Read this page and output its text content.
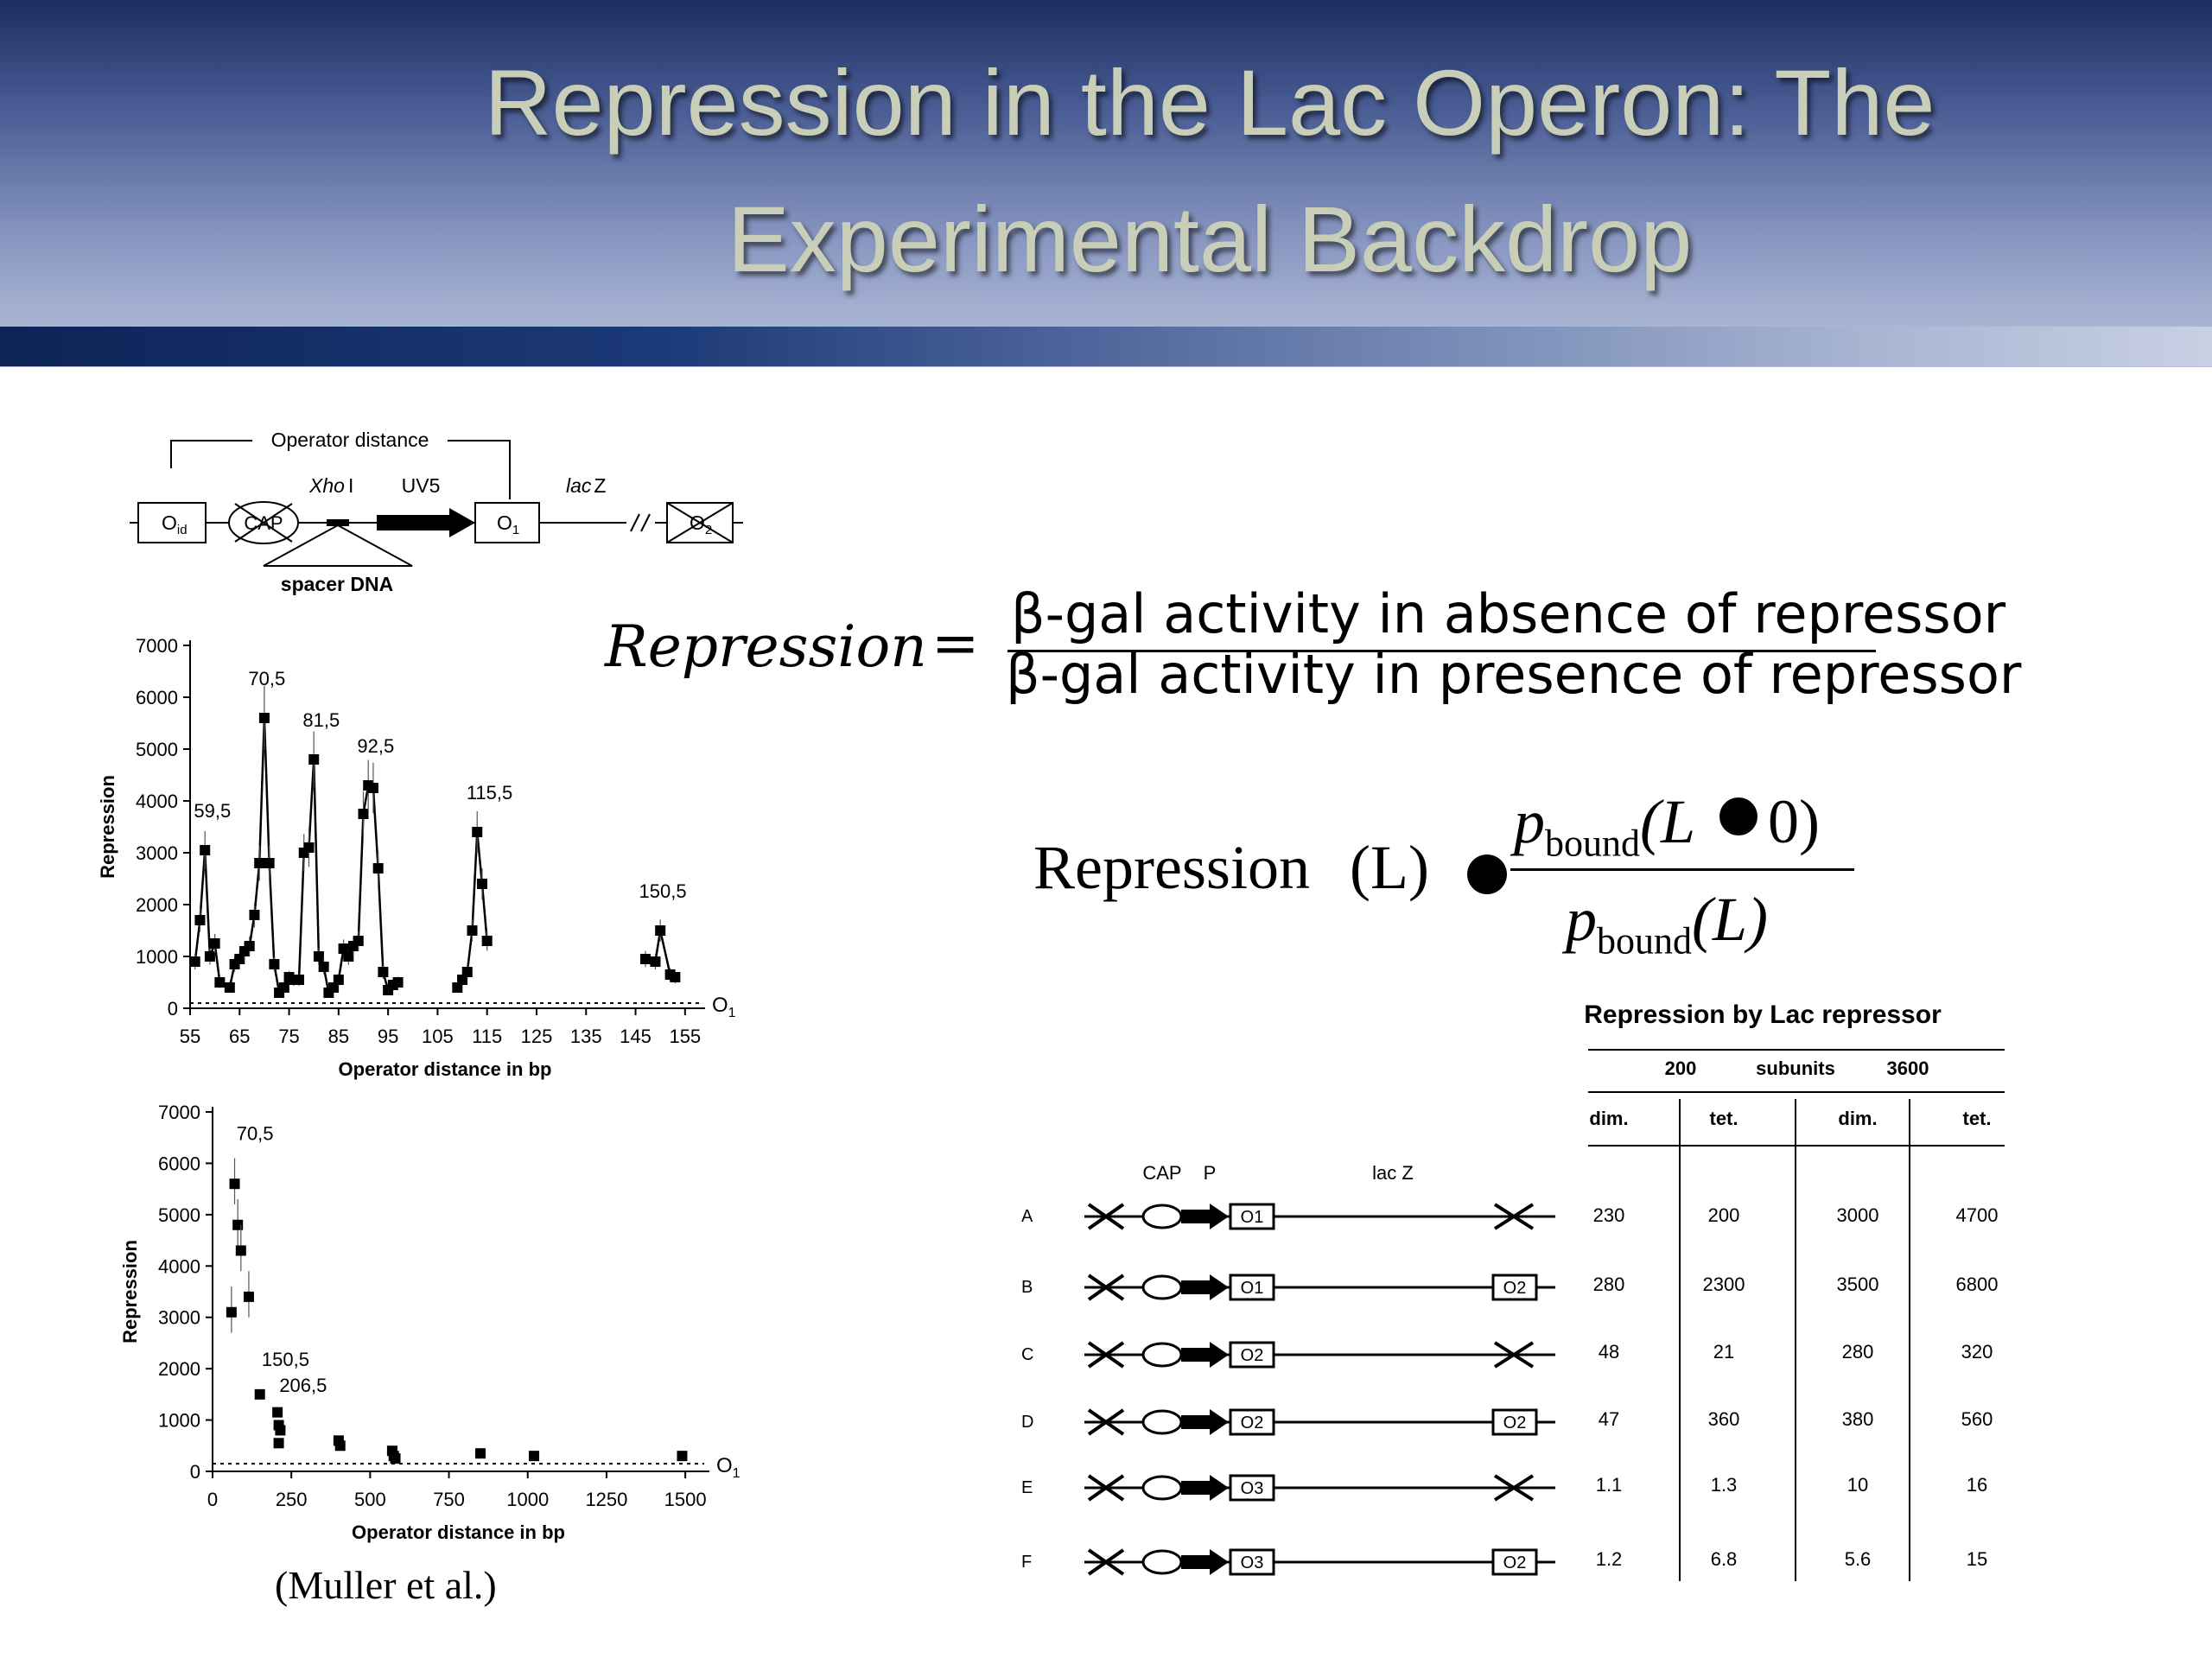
Repression in the Lac Operon: The
Experimental Backdrop
Operator distance
$O_{id}$	CAP
Xho I
spacer DNA
UV5
$O_1$
lac Z
$O_2$
0
1000
2000
3000
4000
5000
6000
7000
55 65 75 85 95 105 115 125 135 145 155
Operator distance in bp
Repression
$O_1$
59,5
70,5
81,5
92,5
115,5
150,5
0
1000
2000
3000
4000
5000
6000
7000
0	250 500 750 1000 1250 1500
Operator distance in bp
Repression
$O_1$
70,5
150,5
206,5
(Muller et al.)
Repression = β-gal activity in absence of repressor
β-gal activity in presence of repressor
Repression (L)
$p_{bound}(L$ 0)
$p_{bound}(L)$
CAP P	lac Z
A	O1
B	O1	O2
C	O2
D	O2	O2
E	O3
F	O3	O2
Repression by Lac repressor
200	subunits	3600
dim.	tet.	dim.	tet.
230	200	3000	4700
280	2300	3500	6800
48	21	280	320
47	360	380	560
1.1	1.3	10	16
1.2	6.8	5.6	15
